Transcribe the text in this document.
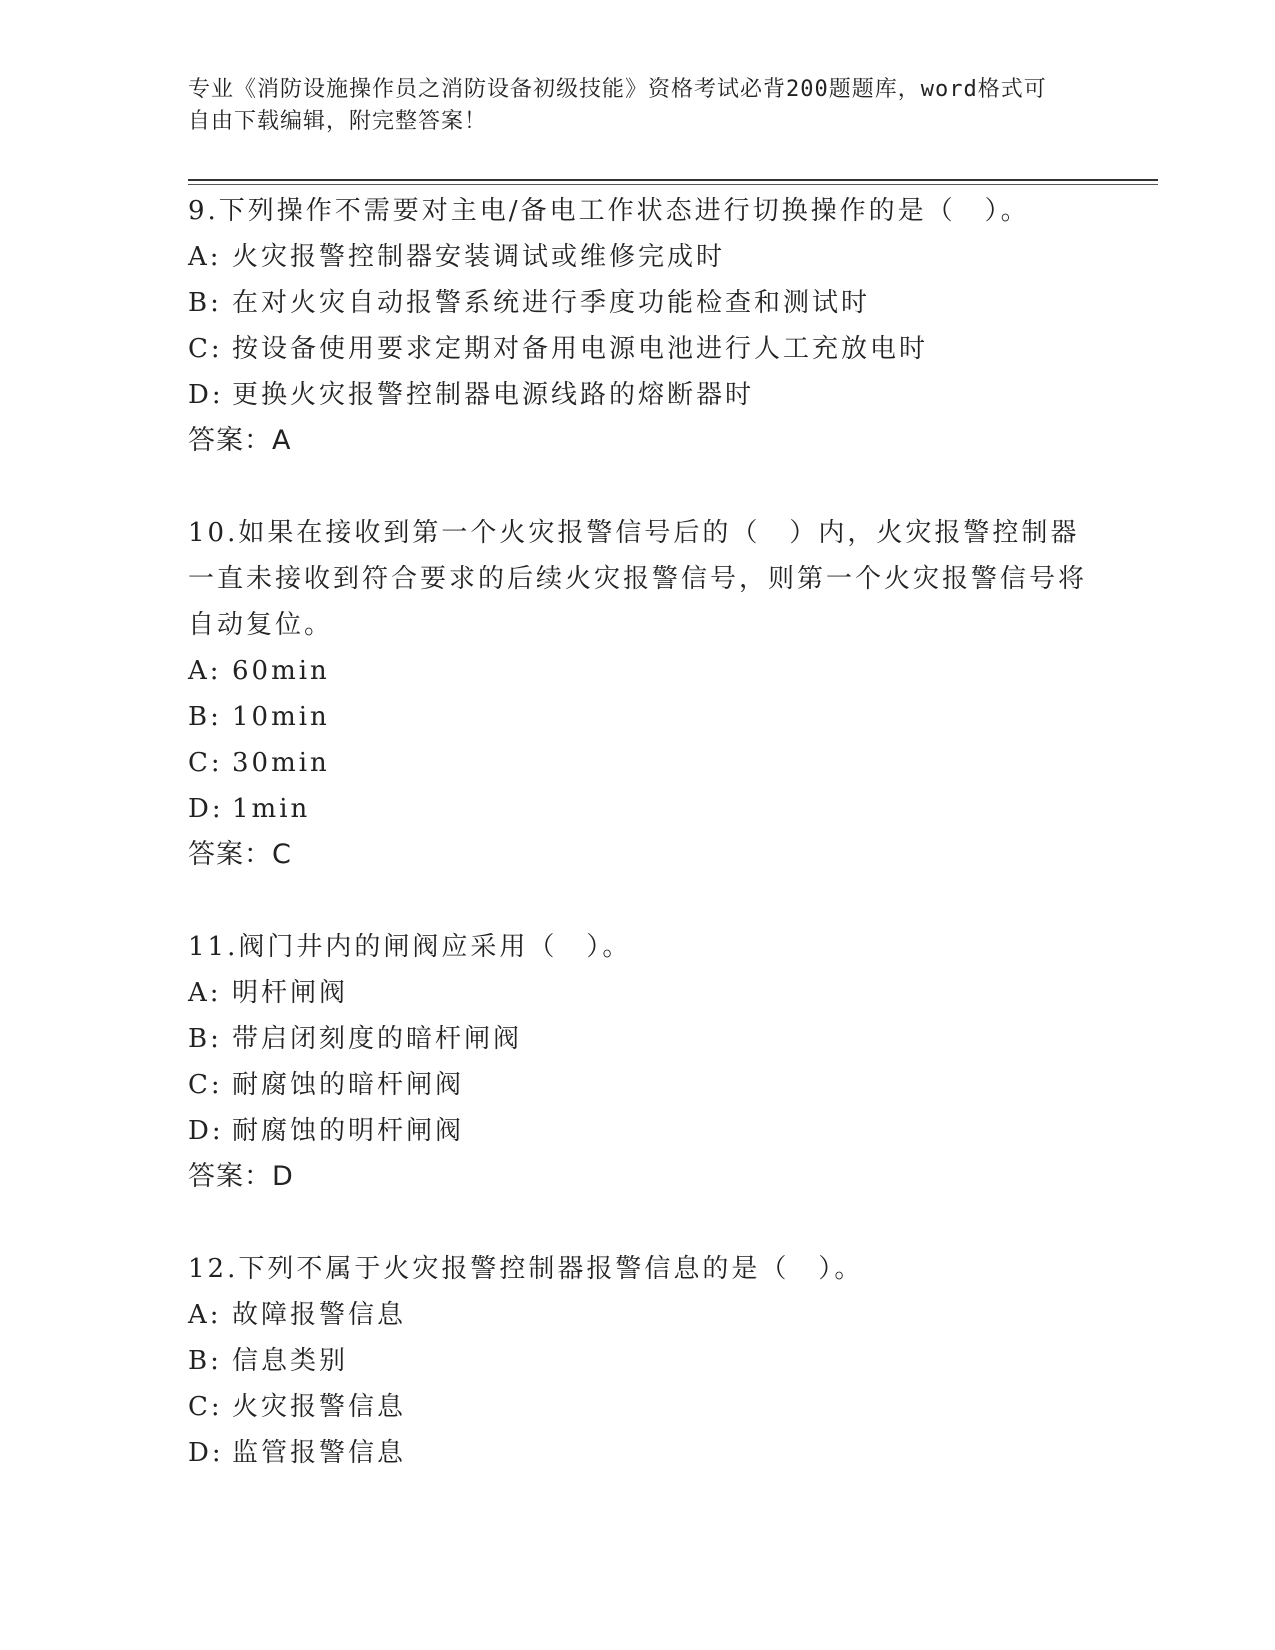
专业《消防设施操作员之消防设备初级技能》资格考试必背200题题库，word格式可自由下载编辑，附完整答案！
9.下列操作不需要对主电/备电工作状态进行切换操作的是（　）。
A: 火灾报警控制器安装调试或维修完成时
B: 在对火灾自动报警系统进行季度功能检查和测试时
C: 按设备使用要求定期对备用电源电池进行人工充放电时
D: 更换火灾报警控制器电源线路的熔断器时
答案：A
10.如果在接收到第一个火灾报警信号后的（　）内，火灾报警控制器一直未接收到符合要求的后续火灾报警信号，则第一个火灾报警信号将自动复位。
A: 60min
B: 10min
C: 30min
D: 1min
答案：C
11.阀门井内的闸阀应采用（　）。
A: 明杆闸阀
B: 带启闭刻度的暗杆闸阀
C: 耐腐蚀的暗杆闸阀
D: 耐腐蚀的明杆闸阀
答案：D
12.下列不属于火灾报警控制器报警信息的是（　）。
A: 故障报警信息
B: 信息类别
C: 火灾报警信息
D: 监管报警信息
